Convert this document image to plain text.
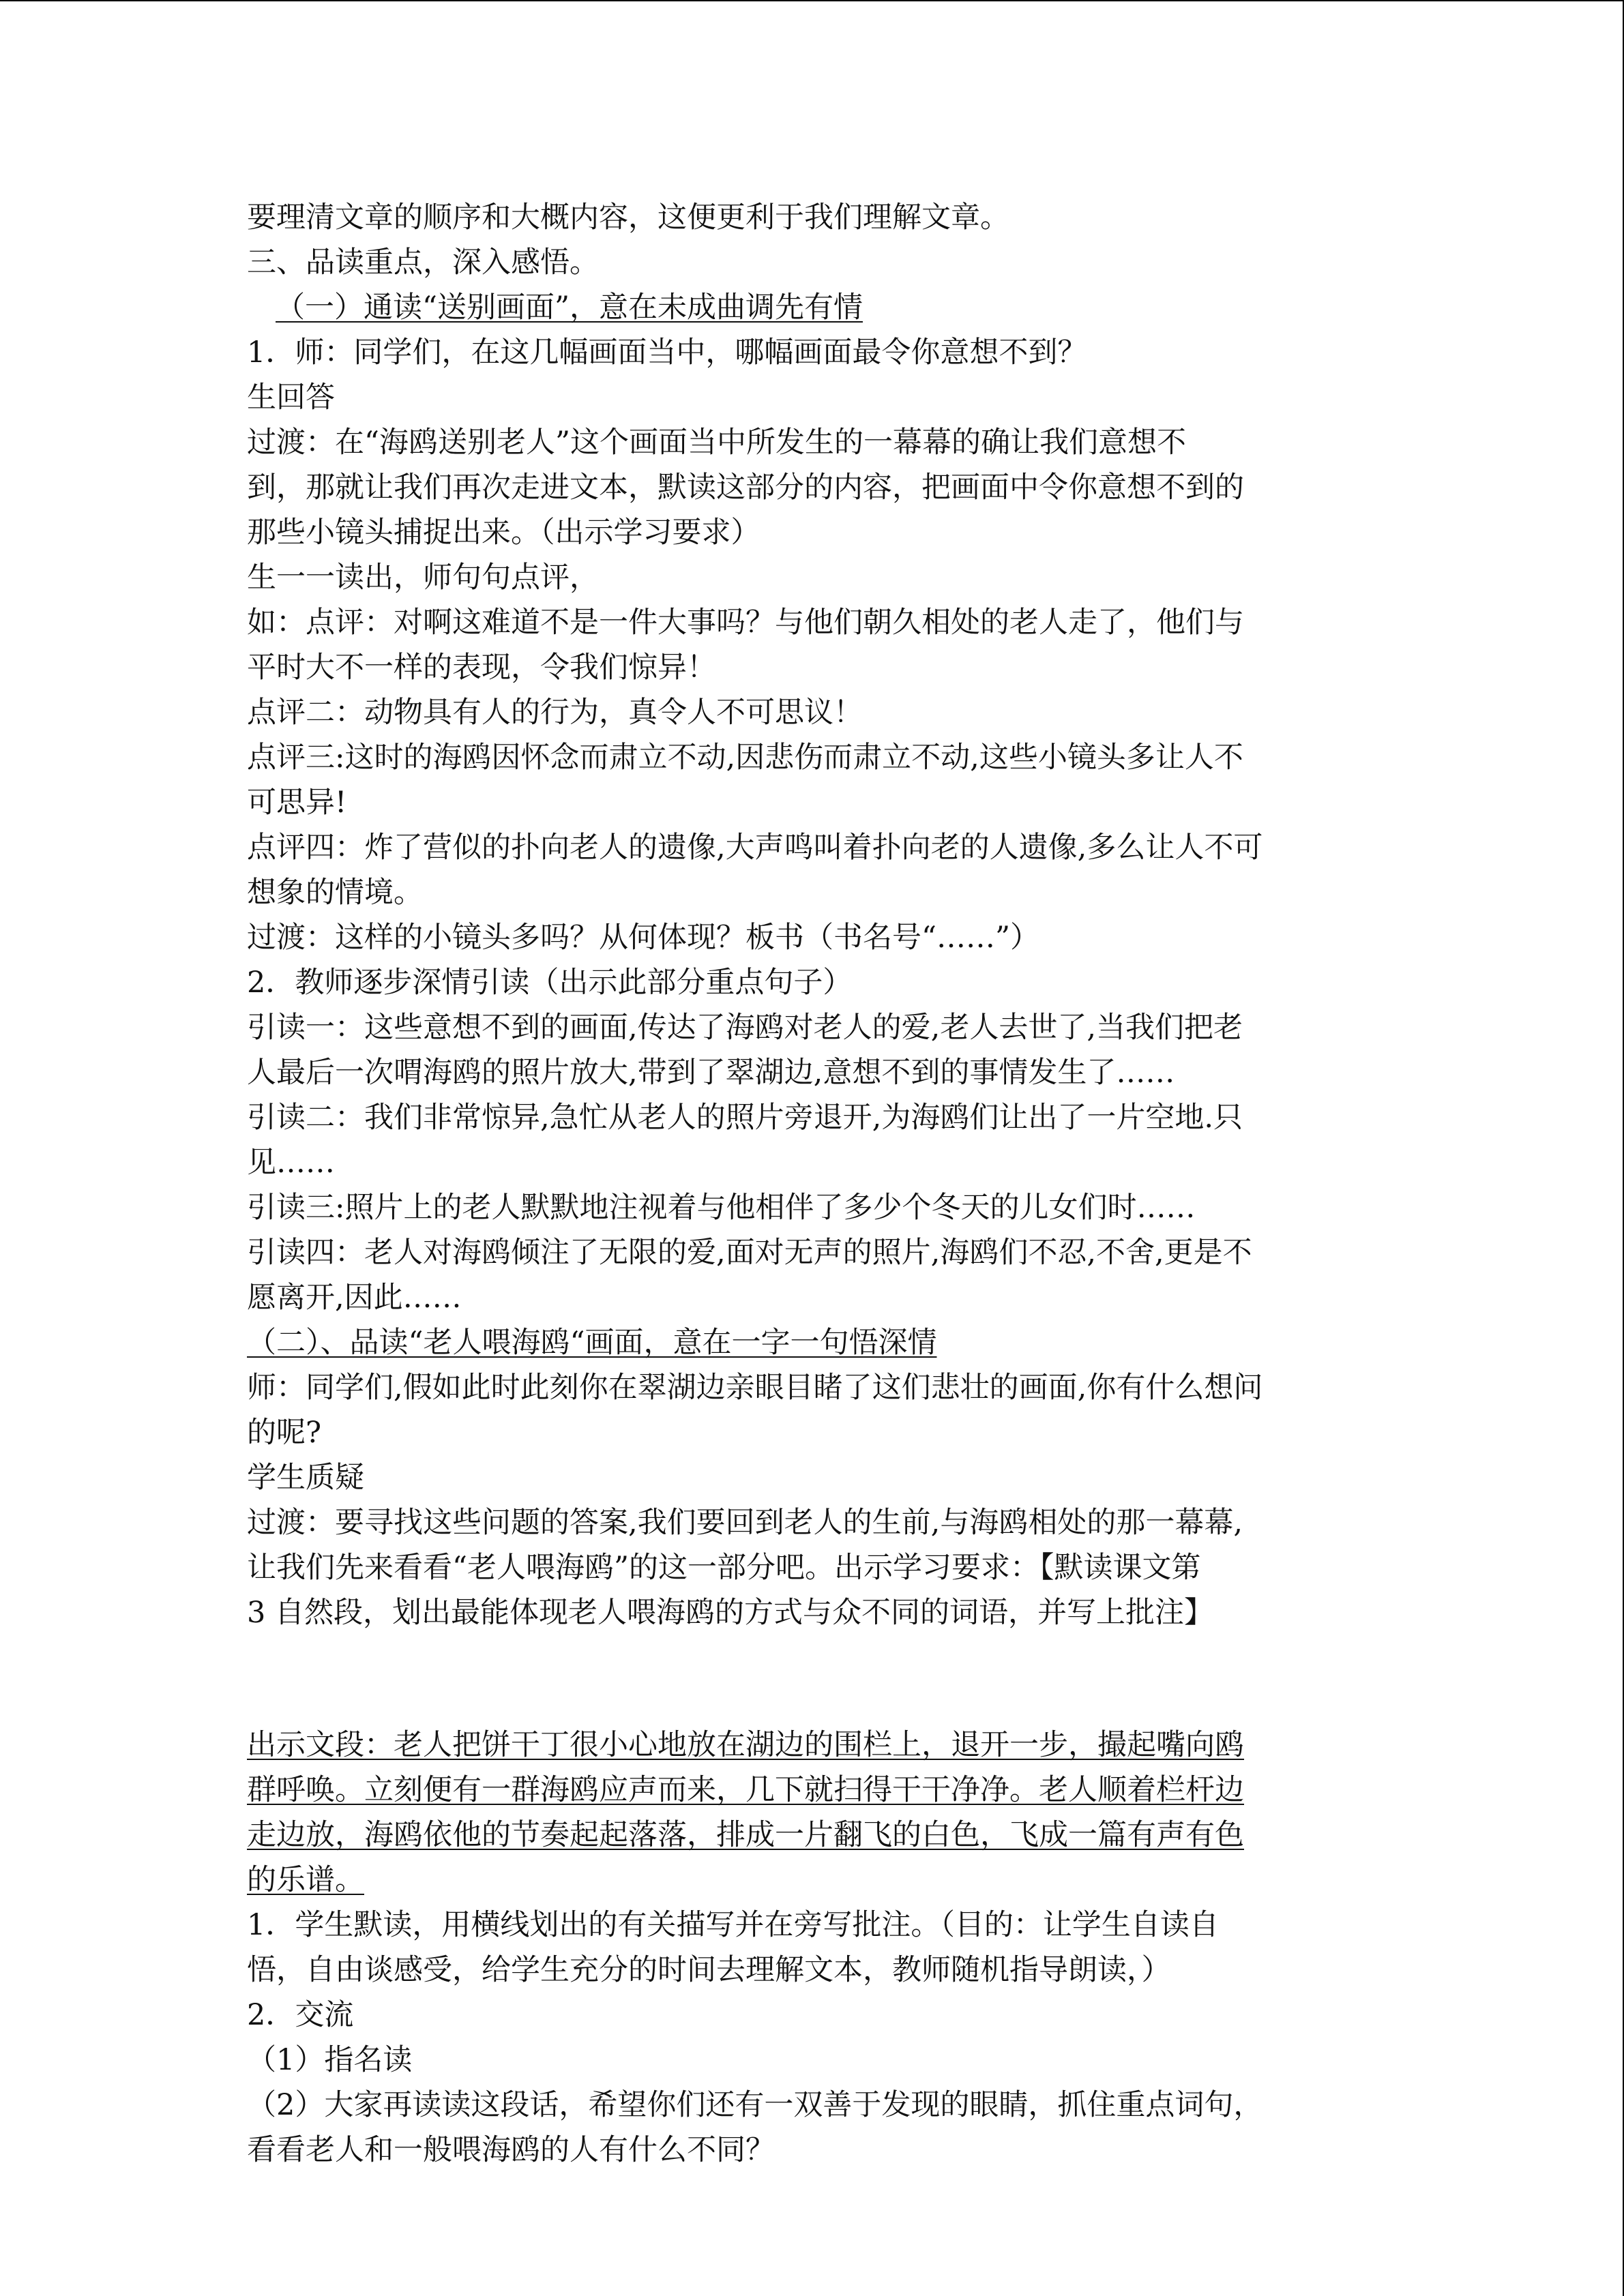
要理清文章的顺序和大概内容，这便更利于我们理解文章。
三、品读重点，深入感悟。
（一）通读“送别画面”，意在未成曲调先有情
1．师：同学们，在这几幅画面当中，哪幅画面最令你意想不到？
生回答
过渡：在“海鸥送别老人”这个画面当中所发生的一幕幕的确让我们意想不
到，那就让我们再次走进文本，默读这部分的内容，把画面中令你意想不到的
那些小镜头捕捉出来。（出示学习要求）
生一一读出，师句句点评，
如：点评：对啊这难道不是一件大事吗？与他们朝久相处的老人走了，他们与
平时大不一样的表现，令我们惊异！
点评二：动物具有人的行为，真令人不可思议！
点评三:这时的海鸥因怀念而肃立不动,因悲伤而肃立不动,这些小镜头多让人不
可思异!
点评四：炸了营似的扑向老人的遗像,大声鸣叫着扑向老的人遗像,多么让人不可
想象的情境。
过渡：这样的小镜头多吗？从何体现？板书（书名号“……”）
2．教师逐步深情引读（出示此部分重点句子）
引读一：这些意想不到的画面,传达了海鸥对老人的爱,老人去世了,当我们把老
人最后一次喟海鸥的照片放大,带到了翠湖边,意想不到的事情发生了……
引读二：我们非常惊异,急忙从老人的照片旁退开,为海鸥们让出了一片空地.只
见……
引读三:照片上的老人默默地注视着与他相伴了多少个冬天的儿女们时……
引读四：老人对海鸥倾注了无限的爱,面对无声的照片,海鸥们不忍,不舍,更是不
愿离开,因此……
（二）、品读“老人喂海鸥“画面，意在一字一句悟深情
师：同学们,假如此时此刻你在翠湖边亲眼目睹了这们悲壮的画面,你有什么想问
的呢?
学生质疑
过渡：要寻找这些问题的答案,我们要回到老人的生前,与海鸥相处的那一幕幕,
让我们先来看看“老人喂海鸥”的这一部分吧。出示学习要求：【默读课文第
3 自然段，划出最能体现老人喂海鸥的方式与众不同的词语，并写上批注】
出示文段：老人把饼干丁很小心地放在湖边的围栏上，退开一步，撮起嘴向鸥
群呼唤。立刻便有一群海鸥应声而来，几下就扫得干干净净。老人顺着栏杆边
走边放，海鸥依他的节奏起起落落，排成一片翻飞的白色，飞成一篇有声有色
的乐谱。
1．学生默读，用横线划出的有关描写并在旁写批注。（目的：让学生自读自
悟，自由谈感受，给学生充分的时间去理解文本，教师随机指导朗读，）
2．交流
（1）指名读
（2）大家再读读这段话，希望你们还有一双善于发现的眼睛，抓住重点词句，
看看老人和一般喂海鸥的人有什么不同？
